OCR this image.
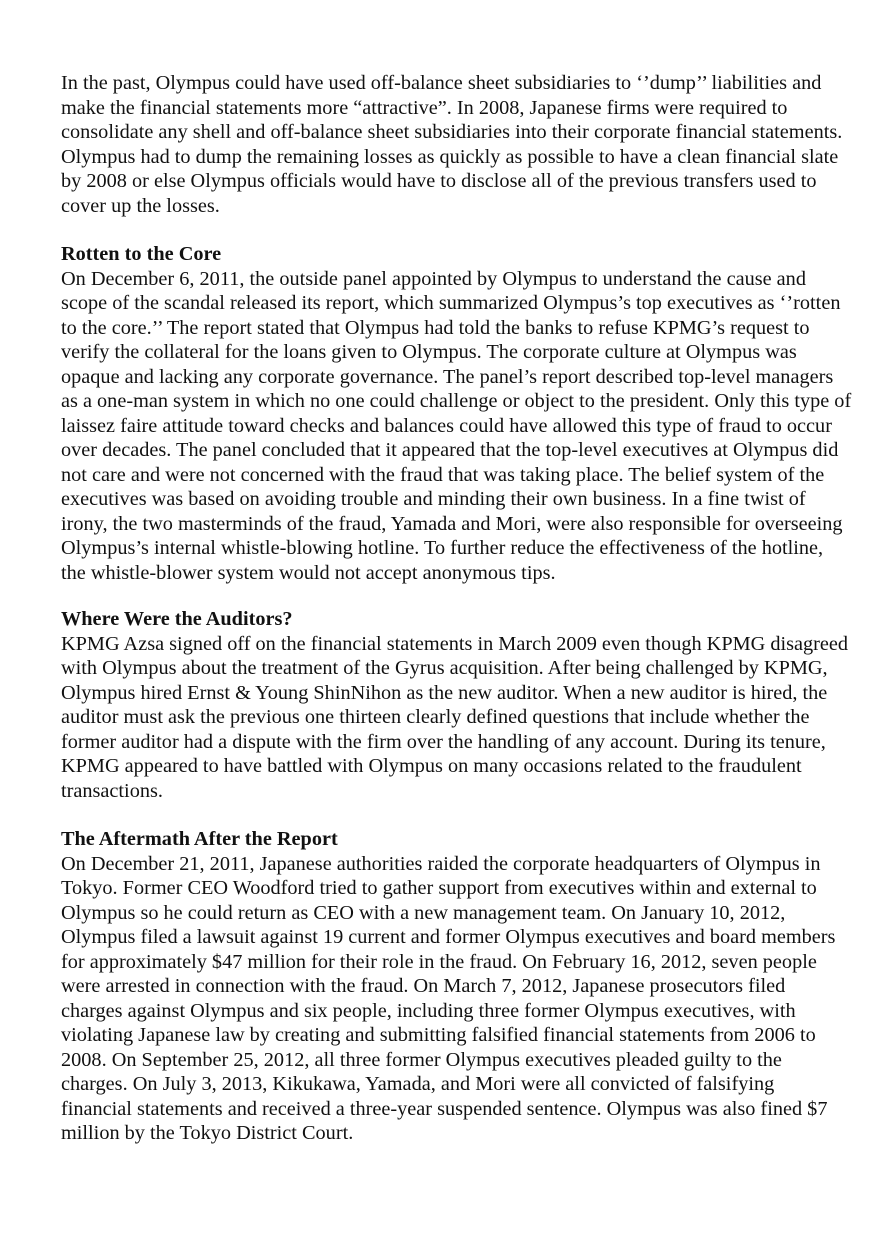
In the past, Olympus could have used off-balance sheet subsidiaries to ‘’dump’’ liabilities and
make the financial statements more “attractive”. In 2008, Japanese firms were required to
consolidate any shell and off-balance sheet subsidiaries into their corporate financial statements.
Olympus had to dump the remaining losses as quickly as possible to have a clean financial slate
by 2008 or else Olympus officials would have to disclose all of the previous transfers used to
cover up the losses.
Rotten to the Core
On December 6, 2011, the outside panel appointed by Olympus to understand the cause and
scope of the scandal released its report, which summarized Olympus’s top executives as ‘’rotten
to the core.’’ The report stated that Olympus had told the banks to refuse KPMG’s request to
verify the collateral for the loans given to Olympus. The corporate culture at Olympus was
opaque and lacking any corporate governance. The panel’s report described top-level managers
as a one-man system in which no one could challenge or object to the president. Only this type of
laissez faire attitude toward checks and balances could have allowed this type of fraud to occur
over decades. The panel concluded that it appeared that the top-level executives at Olympus did
not care and were not concerned with the fraud that was taking place. The belief system of the
executives was based on avoiding trouble and minding their own business. In a fine twist of
irony, the two masterminds of the fraud, Yamada and Mori, were also responsible for overseeing
Olympus’s internal whistle-blowing hotline. To further reduce the effectiveness of the hotline,
the whistle-blower system would not accept anonymous tips.
Where Were the Auditors?
KPMG Azsa signed off on the financial statements in March 2009 even though KPMG disagreed
with Olympus about the treatment of the Gyrus acquisition. After being challenged by KPMG,
Olympus hired Ernst & Young ShinNihon as the new auditor. When a new auditor is hired, the
auditor must ask the previous one thirteen clearly defined questions that include whether the
former auditor had a dispute with the firm over the handling of any account. During its tenure,
KPMG appeared to have battled with Olympus on many occasions related to the fraudulent
transactions.
The Aftermath After the Report
On December 21, 2011, Japanese authorities raided the corporate headquarters of Olympus in
Tokyo. Former CEO Woodford tried to gather support from executives within and external to
Olympus so he could return as CEO with a new management team. On January 10, 2012,
Olympus filed a lawsuit against 19 current and former Olympus executives and board members
for approximately $47 million for their role in the fraud. On February 16, 2012, seven people
were arrested in connection with the fraud. On March 7, 2012, Japanese prosecutors filed
charges against Olympus and six people, including three former Olympus executives, with
violating Japanese law by creating and submitting falsified financial statements from 2006 to
2008. On September 25, 2012, all three former Olympus executives pleaded guilty to the
charges. On July 3, 2013, Kikukawa, Yamada, and Mori were all convicted of falsifying
financial statements and received a three-year suspended sentence. Olympus was also fined $7
million by the Tokyo District Court.
